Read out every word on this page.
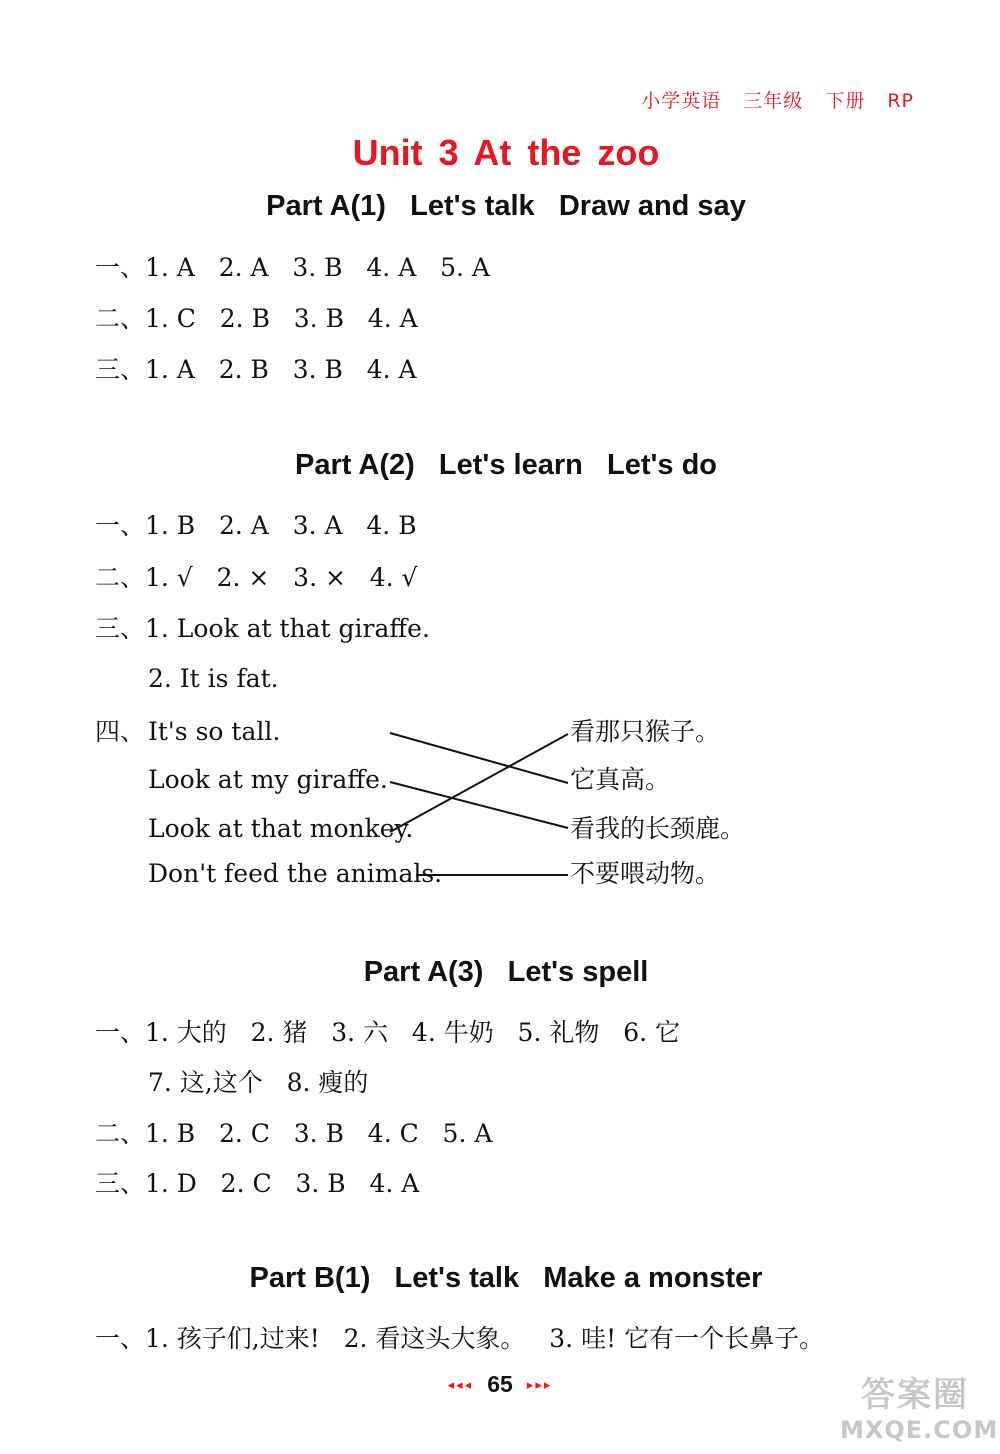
小学英语 三年级 下册 RP
Unit 3 At the zoo
Part A(1)   Let's talk   Draw and say
一、1. A   2. A   3. B   4. A   5. A
二、1. C   2. B   3. B   4. A
三、1. A   2. B   3. B   4. A
Part A(2)   Let's learn   Let's do
一、1. B   2. A   3. A   4. B
二、1. √   2. ×   3. ×   4. √
三、1. Look at that giraffe.
2. It is fat.
四、 It's so tall.
Look at my giraffe.
Look at that monkey.
Don't feed the animals.
看那只猴子。
它真高。
看我的长颈鹿。
不要喂动物。
Part A(3)   Let's spell
一、1. 大的   2. 猪   3. 六   4. 牛奶   5. 礼物   6. 它
7. 这,这个   8. 瘦的
二、1. B   2. C   3. B   4. C   5. A
三、1. D   2. C   3. B   4. A
Part B(1)   Let's talk   Make a monster
一、1. 孩子们,过来!   2. 看这头大象。   3. 哇! 它有一个长鼻子。
◂◂◂ 65 ▸▸▸	答案圈
MXQE.COM
